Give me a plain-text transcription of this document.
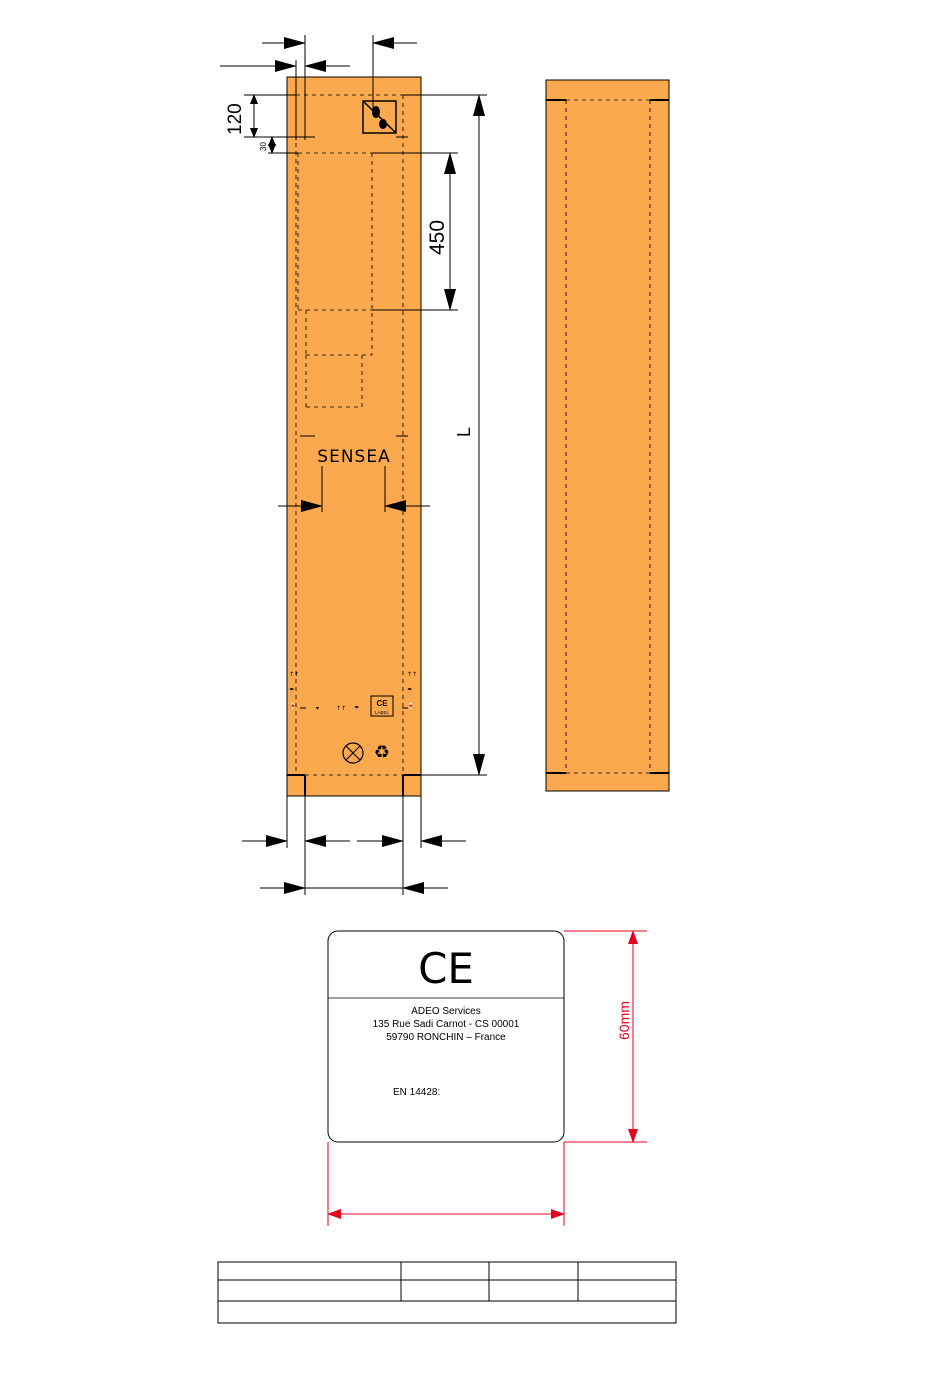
SENSEA
↑↑
☂
🍷
↑↑
☂
🍷
▾	↑↑ ☂
CE
LABEL
♻
120
30
450
L
CE
ADEO Services
135 Rue Sadi Carnot - CS 00001
59790 RONCHIN – France
EN 14428:
60mm
